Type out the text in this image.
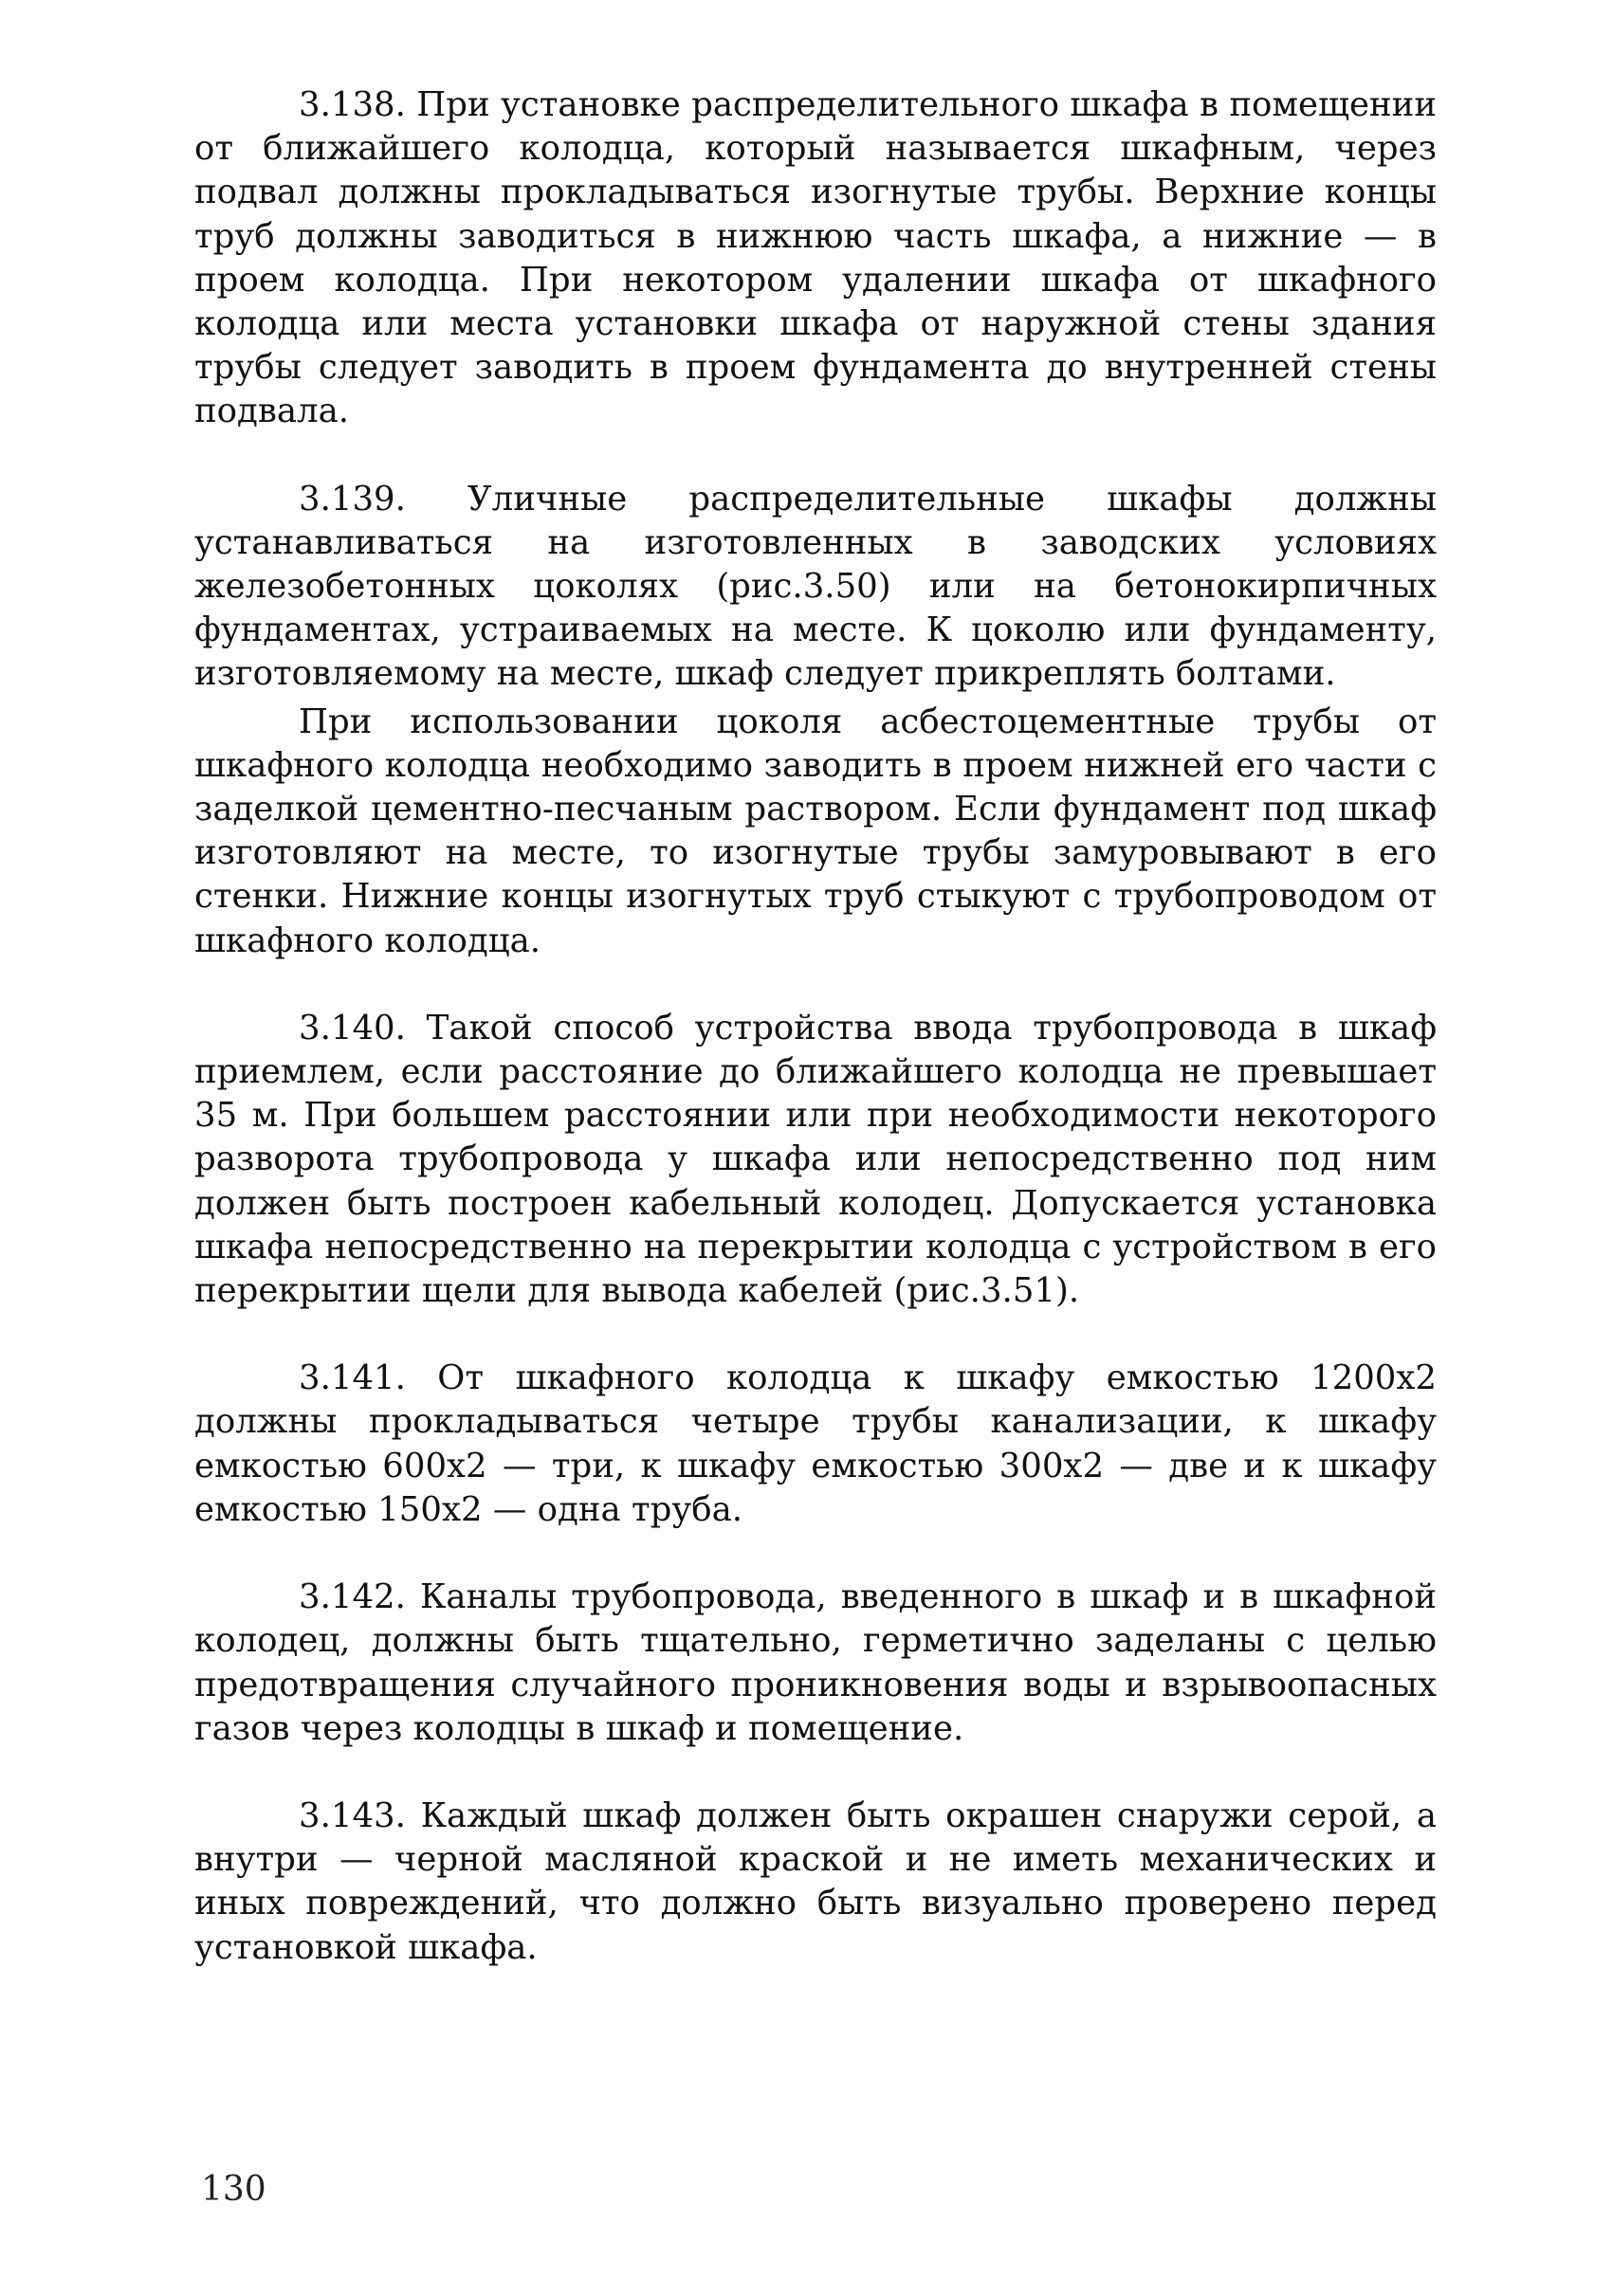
3.138. При установке распределительного шкафа в помещении от ближайшего колодца, который называется шкафным, через подвал должны прокладываться изогнутые трубы. Верхние концы труб должны заводиться в нижнюю часть шкафа, а нижние — в проем колодца. При некотором удалении шкафа от шкафного колодца или места установки шкафа от наружной стены здания трубы следует заводить в проем фундамента до внутренней стены подвала.

3.139. Уличные распределительные шкафы должны устанавливаться на изготовленных в заводских условиях железобетонных цоколях (рис.3.50) или на бетонокирпичных фундаментах, устраиваемых на месте. К цоколю или фундаменту, изготовляемому на месте, шкаф следует прикреплять болтами.

При использовании цоколя асбестоцементные трубы от шкафного колодца необходимо заводить в проем нижней его части с заделкой цементно-песчаным раствором. Если фундамент под шкаф изготовляют на месте, то изогнутые трубы замуровывают в его стенки. Нижние концы изогнутых труб стыкуют с трубопроводом от шкафного колодца.

3.140. Такой способ устройства ввода трубопровода в шкаф приемлем, если расстояние до ближайшего колодца не превышает 35 м. При большем расстоянии или при необходимости некоторого разворота трубопровода у шкафа или непосредственно под ним должен быть построен кабельный колодец. Допускается установка шкафа непосредственно на перекрытии колодца с устройством в его перекрытии щели для вывода кабелей (рис.3.51).

3.141. От шкафного колодца к шкафу емкостью 1200x2 должны прокладываться четыре трубы канализации, к шкафу емкостью 600x2 — три, к шкафу емкостью 300x2 — две и к шкафу емкостью 150x2 — одна труба.

3.142. Каналы трубопровода, введенного в шкаф и в шкафной колодец, должны быть тщательно, герметично заделаны с целью предотвращения случайного проникновения воды и взрывоопасных газов через колодцы в шкаф и помещение.

3.143. Каждый шкаф должен быть окрашен снаружи серой, а внутри — черной масляной краской и не иметь механических и иных повреждений, что должно быть визуально проверено перед установкой шкафа.

130
